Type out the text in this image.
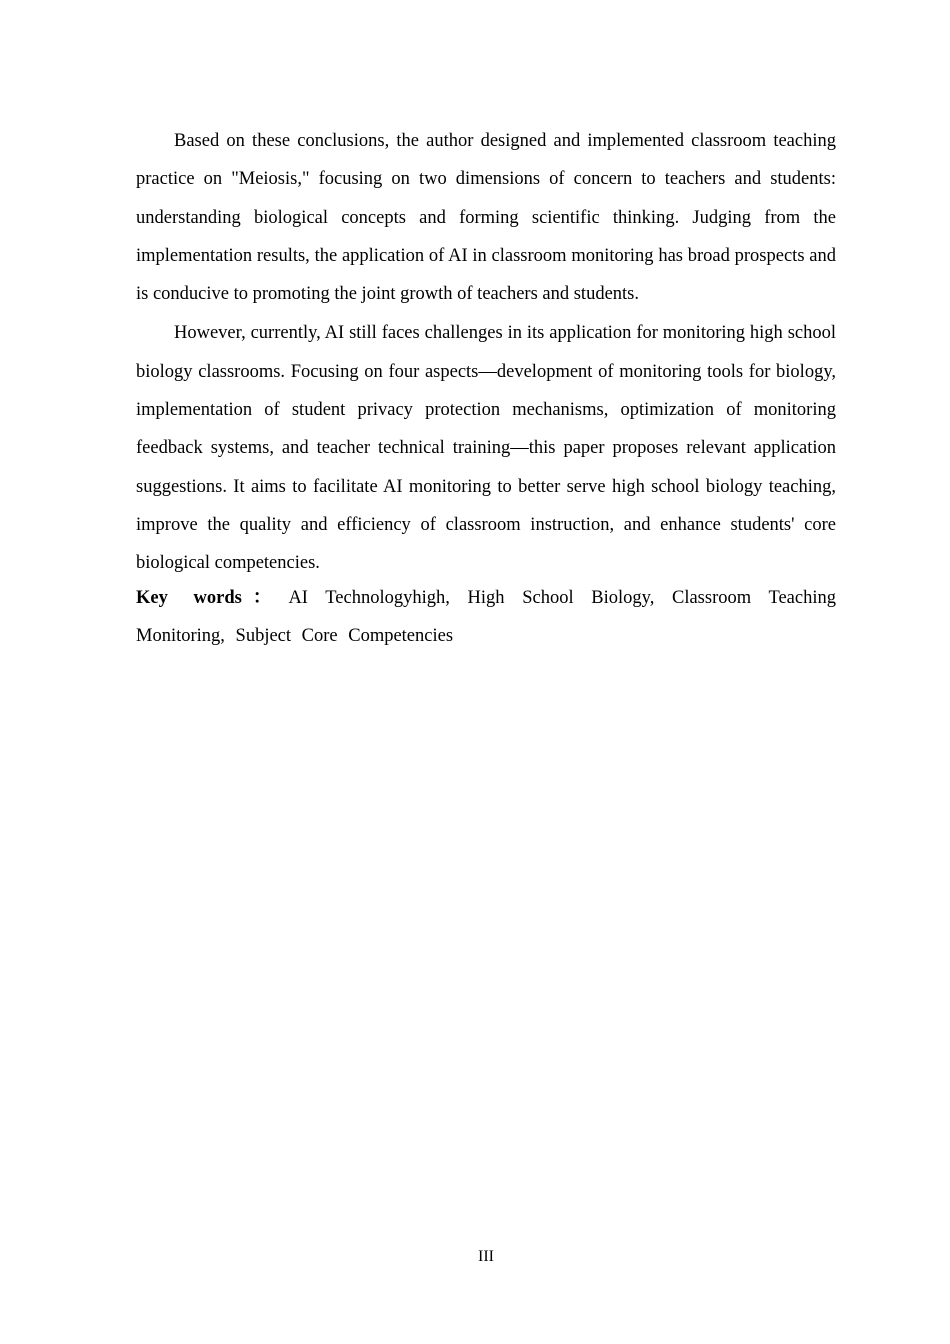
Based on these conclusions, the author designed and implemented classroom teaching practice on "Meiosis," focusing on two dimensions of concern to teachers and students: understanding biological concepts and forming scientific thinking. Judging from the implementation results, the application of AI in classroom monitoring has broad prospects and is conducive to promoting the joint growth of teachers and students.

However, currently, AI still faces challenges in its application for monitoring high school biology classrooms. Focusing on four aspects—development of monitoring tools for biology, implementation of student privacy protection mechanisms, optimization of monitoring feedback systems, and teacher technical training—this paper proposes relevant application suggestions. It aims to facilitate AI monitoring to better serve high school biology teaching, improve the quality and efficiency of classroom instruction, and enhance students' core biological competencies.

Key words ： AI Technologyhigh, High School Biology, Classroom Teaching Monitoring, Subject Core Competencies

III
